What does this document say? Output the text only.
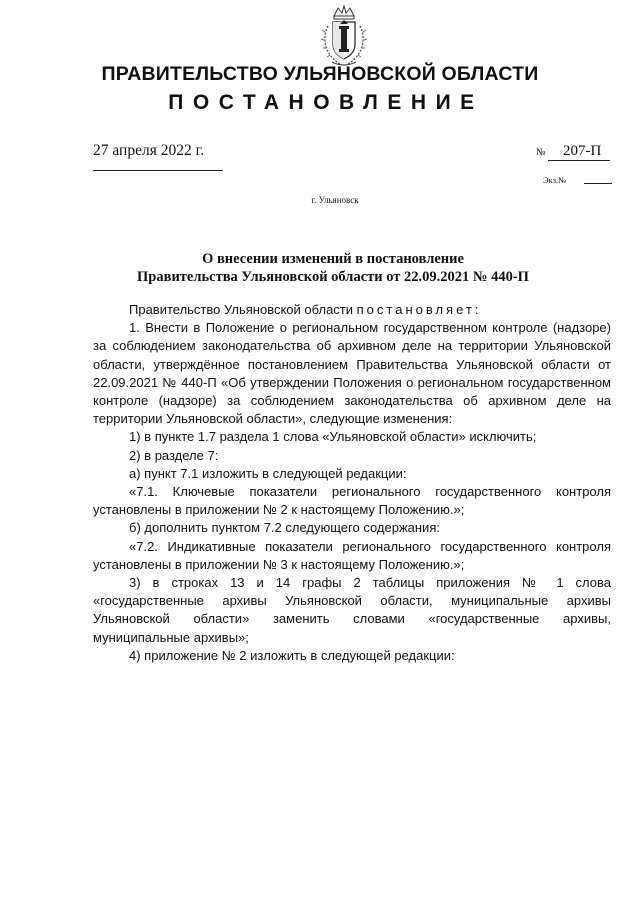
ПРАВИТЕЛЬСТВО УЛЬЯНОВСКОЙ ОБЛАСТИ
ПОСТАНОВЛЕНИЕ
27 апреля 2022 г.	№ 207-П
Экз.№
г. Ульяновск
О внесении изменений в постановление
Правительства Ульяновской области от 22.09.2021 № 440-П

Правительство Ульяновской области постановляет:

1. Внести в Положение о региональном государственном контроле (надзоре) за соблюдением законодательства об архивном деле на территории Ульяновской области, утверждённое постановлением Правительства Ульяновской области от 22.09.2021 № 440-П «Об утверждении Положения о региональном государственном контроле (надзоре) за соблюдением законодательства об архивном деле на территории Ульяновской области», следующие изменения:

1) в пункте 1.7 раздела 1 слова «Ульяновской области» исключить;

2) в разделе 7:

а) пункт 7.1 изложить в следующей редакции:

«7.1. Ключевые показатели регионального государственного контроля установлены в приложении № 2 к настоящему Положению.»;

б) дополнить пунктом 7.2 следующего содержания:

«7.2. Индикативные показатели регионального государственного контроля установлены в приложении № 3 к настоящему Положению.»;

3) в строках 13 и 14 графы 2 таблицы приложения № 1 слова «государственные архивы Ульяновской области, муниципальные архивы Ульяновской области» заменить словами «государственные архивы, муниципальные архивы»;

4) приложение № 2 изложить в следующей редакции:
